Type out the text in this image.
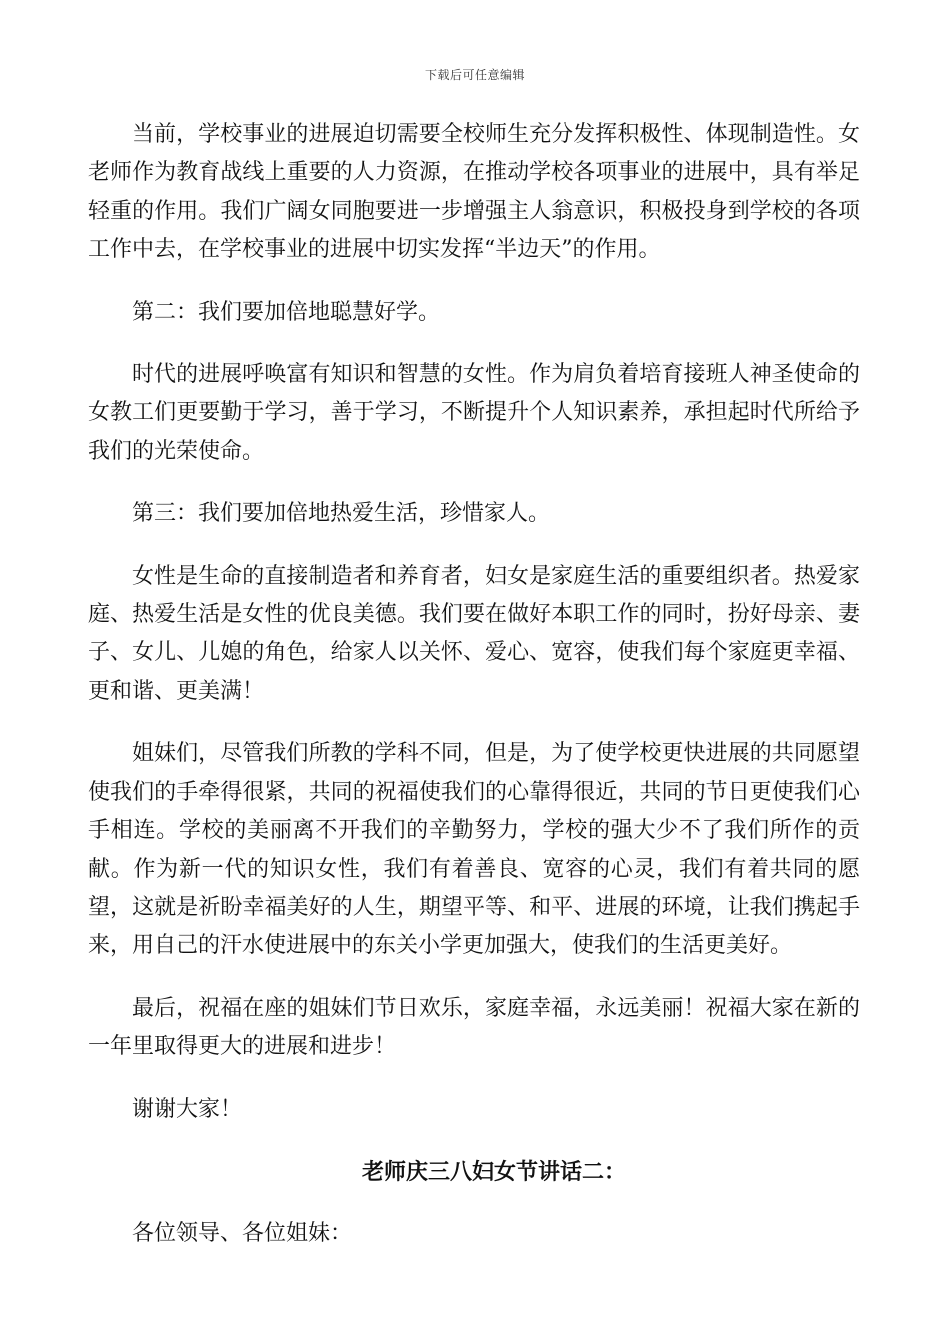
下载后可任意编辑

当前，学校事业的进展迫切需要全校师生充分发挥积极性、体现制造性。女老师作为教育战线上重要的人力资源，在推动学校各项事业的进展中，具有举足轻重的作用。我们广阔女同胞要进一步增强主人翁意识，积极投身到学校的各项工作中去，在学校事业的进展中切实发挥“半边天”的作用。

第二：我们要加倍地聪慧好学。

时代的进展呼唤富有知识和智慧的女性。作为肩负着培育接班人神圣使命的女教工们更要勤于学习，善于学习，不断提升个人知识素养，承担起时代所给予我们的光荣使命。

第三：我们要加倍地热爱生活，珍惜家人。

女性是生命的直接制造者和养育者，妇女是家庭生活的重要组织者。热爱家庭、热爱生活是女性的优良美德。我们要在做好本职工作的同时，扮好母亲、妻子、女儿、儿媳的角色，给家人以关怀、爱心、宽容，使我们每个家庭更幸福、更和谐、更美满！

姐妹们，尽管我们所教的学科不同，但是，为了使学校更快进展的共同愿望使我们的手牵得很紧，共同的祝福使我们的心靠得很近，共同的节日更使我们心手相连。学校的美丽离不开我们的辛勤努力，学校的强大少不了我们所作的贡献。作为新一代的知识女性，我们有着善良、宽容的心灵，我们有着共同的愿望，这就是祈盼幸福美好的人生，期望平等、和平、进展的环境，让我们携起手来，用自己的汗水使进展中的东关小学更加强大，使我们的生活更美好。

最后，祝福在座的姐妹们节日欢乐，家庭幸福，永远美丽！祝福大家在新的一年里取得更大的进展和进步！

谢谢大家！

老师庆三八妇女节讲话二：

各位领导、各位姐妹：
